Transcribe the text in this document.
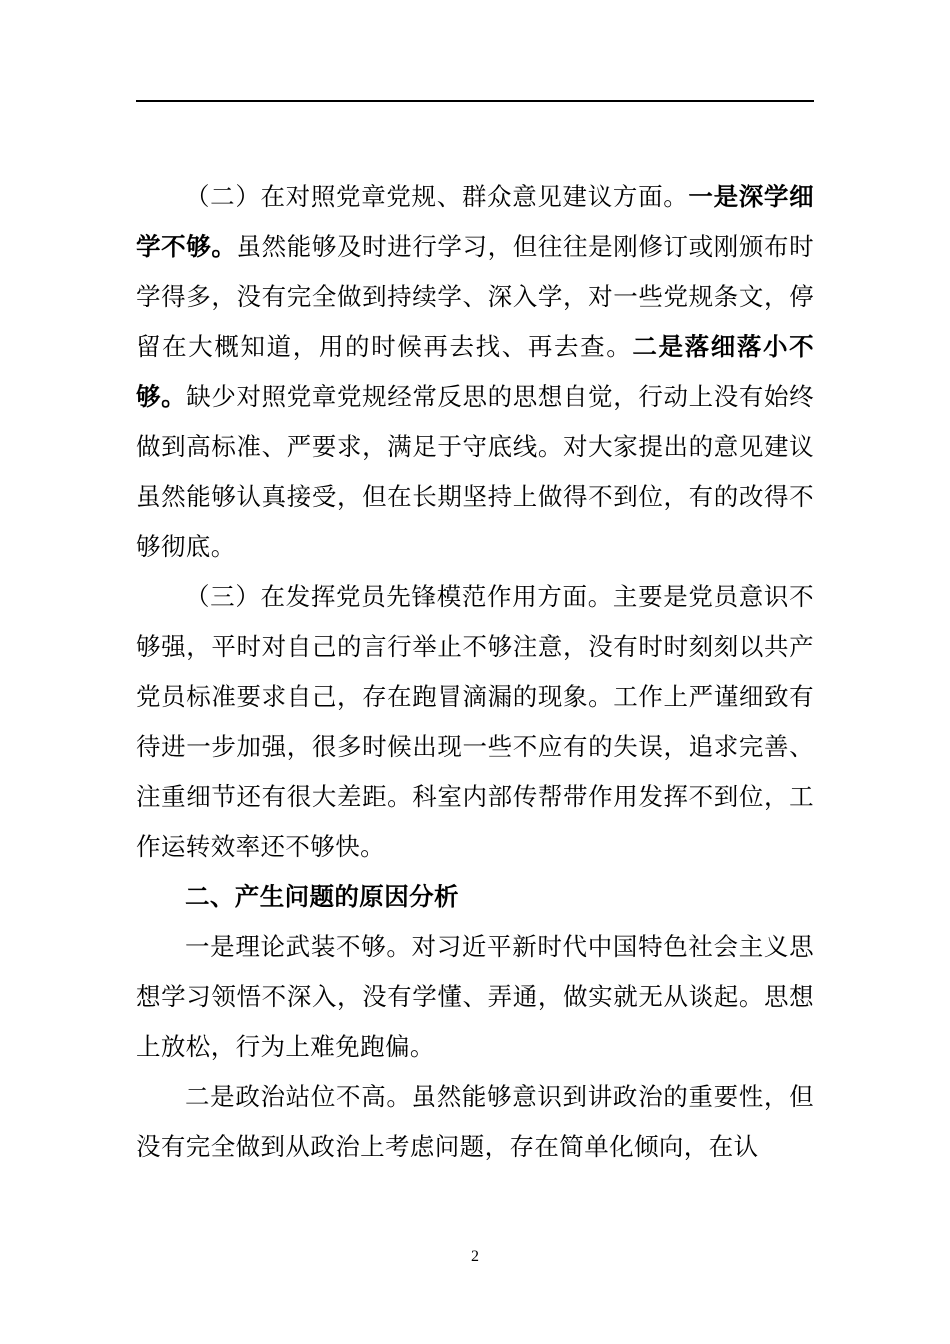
（二）在对照党章党规、群众意见建议方面。一是深学细学不够。虽然能够及时进行学习，但往往是刚修订或刚颁布时学得多，没有完全做到持续学、深入学，对一些党规条文，停留在大概知道，用的时候再去找、再去查。二是落细落小不够。缺少对照党章党规经常反思的思想自觉，行动上没有始终做到高标准、严要求，满足于守底线。对大家提出的意见建议虽然能够认真接受，但在长期坚持上做得不到位，有的改得不够彻底。

（三）在发挥党员先锋模范作用方面。主要是党员意识不够强，平时对自己的言行举止不够注意，没有时时刻刻以共产党员标准要求自己，存在跑冒滴漏的现象。工作上严谨细致有待进一步加强，很多时候出现一些不应有的失误，追求完善、注重细节还有很大差距。科室内部传帮带作用发挥不到位，工作运转效率还不够快。

二、产生问题的原因分析

一是理论武装不够。对习近平新时代中国特色社会主义思想学习领悟不深入，没有学懂、弄通，做实就无从谈起。思想上放松，行为上难免跑偏。

二是政治站位不高。虽然能够意识到讲政治的重要性，但没有完全做到从政治上考虑问题，存在简单化倾向，在认

2
